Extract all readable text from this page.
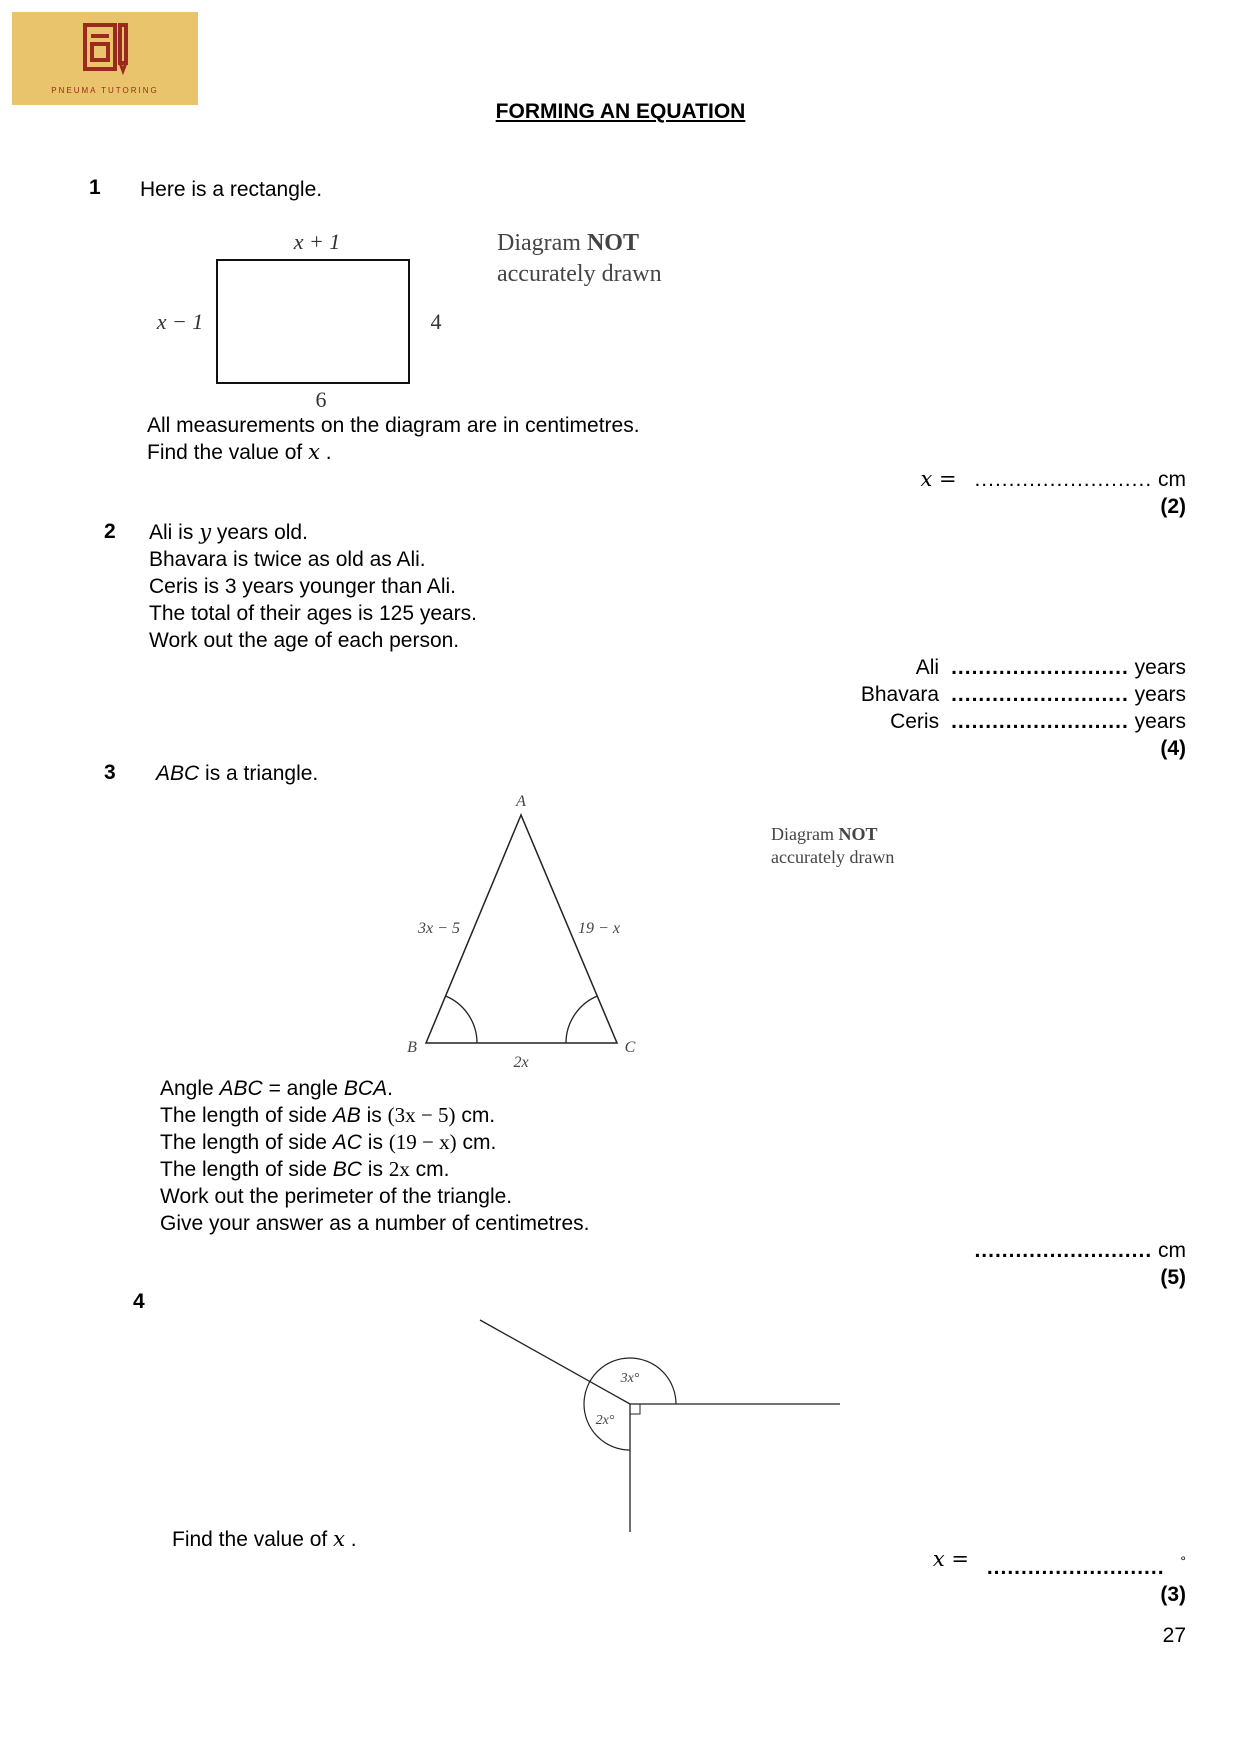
PNEUMA TUTORING
FORMING AN EQUATION
1 Here is a rectangle.
x + 1
x − 1	4
6
Diagram NOT
accurately drawn
All measurements on the diagram are in centimetres.
Find the value of x .
x = .......................... cm
(2)
2 Ali is y years old.
Bhavara is twice as old as Ali.
Ceris is 3 years younger than Ali.
The total of their ages is 125 years.
Work out the age of each person.
Ali .......................... years
Bhavara .......................... years
Ceris .......................... years
(4)
3 ABC is a triangle.
A
B	C
3x − 5	19 − x
2x
Diagram NOT
accurately drawn
Angle ABC = angle BCA.
The length of side AB is (3x − 5) cm.
The length of side AC is (19 − x) cm.
The length of side BC is 2x cm.
Work out the perimeter of the triangle.
Give your answer as a number of centimetres.
.......................... cm
(5)
4
3x°
2x°
Find the value of x .
x = .......................... °
(3)
27
